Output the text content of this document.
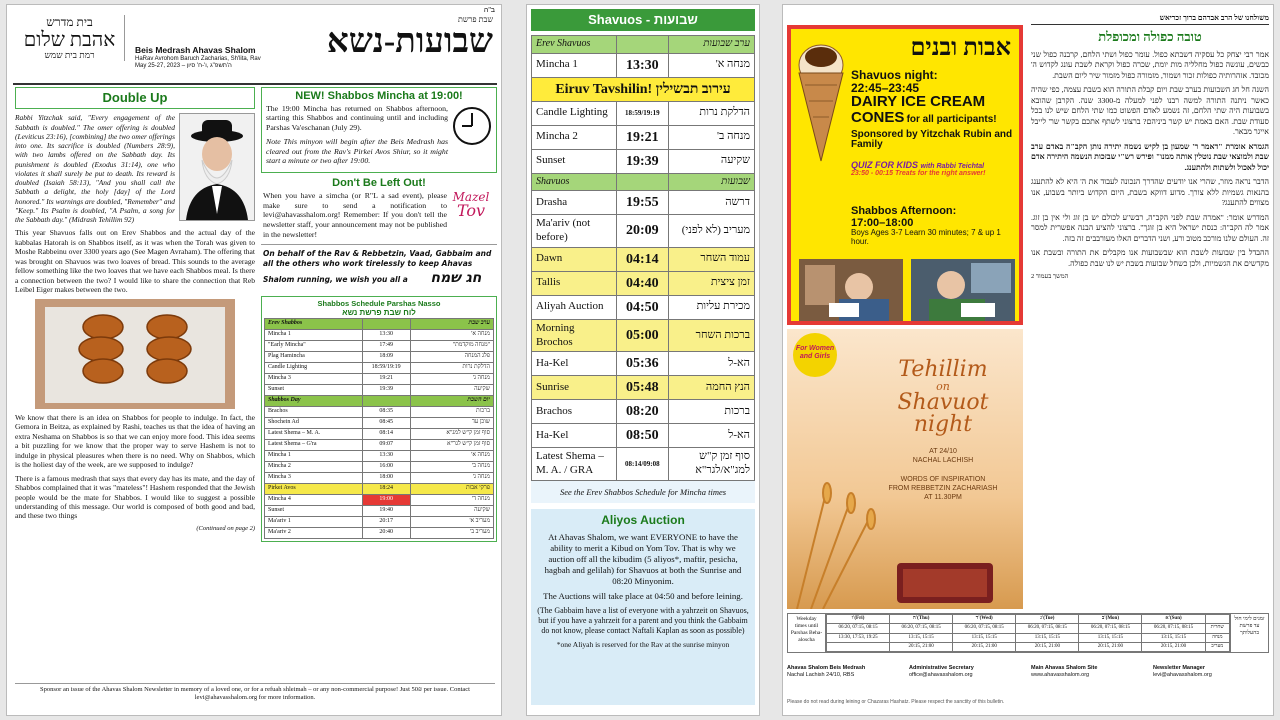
ב"ה
בית מדרש
אהבת שלום
רמת בית שמש	Beis Medrash Ahavas Shalom
HaRav Avrohom Baruch Zacharias, Sh'lita, Rav
May 25-27, 2023 – ה'תשפ"ג ,ו'-ח' סיון
שבת פרשת
שבועות-נשא
Double Up

Rabbi Yitzchak said, "Every engagement of the Sabbath is doubled." The omer offering is doubled (Leviticus 23:16), [combining] the two omer offerings into one. Its sacrifice is doubled (Numbers 28:9), with two lambs offered on the Sabbath day. Its punishment is doubled (Exodus 31:14), one who violates it shall surely be put to death. Its reward is doubled (Isaiah 58:13), "And you shall call the Sabbath a delight, the holy [day] of the Lord honored." Its warnings are doubled, "Remember" and "Keep." Its Psalm is doubled, "A Psalm, a song for the Sabbath day." (Midrash Tehillim 92)

This year Shavuos falls out on Erev Shabbos and the actual day of the kabbalas Hatorah is on Shabbos itself, as it was when the Torah was given to Moshe Rabbeinu over 3300 years ago (See Magen Avraham). The offering that was brought on Shavuos was two loaves of bread. This sounds to the average fellow something like the two loaves that we have each Shabbos meal. Is there a connection between the two? I would like to share the connection that Reb Leibel Eiger makes between the two.

We know that there is an idea on Shabbos for people to indulge. In fact, the Gemora in Beitza, as explained by Rashi, teaches us that the idea of having an extra Neshama on Shabbos is so that we can enjoy more food. This idea seems a bit puzzling for we know that the proper way to serve Hashem is not to indulge in physical pleasures when there is no need. Why on Shabbos, which is the holiest day of the week, are we supposed to indulge?

There is a famous medrash that says that every day has its mate, and the day of Shabbos complained that it was "mateless"! Hashem responded that the Jewish people would be the mate for Shabbos. I would like to suggest a possible understanding of this message. Our world is composed of both good and bad, and these two things

(Continued on page 2)
NEW! Shabbos Mincha at 19:00!

The 19:00 Mincha has returned on Shabbos afternoon, starting this Shabbos and continuing until and including Parshas Va'eschanan (July 29).

Note This minyon will begin after the Beis Medrash has cleared out from the Rav's Pirkei Avos Shiur, so it might start a minute or two after 19:00.

Don't Be Left Out!
Mazel
Tov

When you have a simcha (or R"L a sad event), please make sure to send a notification to levi@ahavasshalom.org! Remember: If you don't tell the newsletter staff, your announcement may not be published in the newsletter!

On behalf of the Rav & Rebbetzin, Vaad, Gabbaim and all the others who work tirelessly to keep Ahavas Shalom running, we wish you all a חג שמח
Shabbos Schedule Parshas Nasso
לוח שבת פרשת נשא
Erev Shabbos		ערב שבת
Mincha 1	13:30	מנחה א'
"Early Mincha"	17:49	"מנחה מוקדמת"
Plag Haminchа	18:09	פלג המנחה
Candle Lighting	18:59/19:19	הדלקת נרות
Mincha 3	19:21	מנחה ג'
Sunset	19:39	שקיעה
Shabbos Day		יום השבת
Brachos	08:35	ברכות
Shochein Ad	08:45	שוכן עד
Latest Shema – M. A.	08:14	סוף זמן ק"ש למג"א
Latest Shema – G'ra	09:07	סוף זמן ק"ש לגר"א
Mincha 1	13:30	מנחה א'
Mincha 2	16:00	מנחה ב'
Mincha 3	18:00	מנחה ג'
Pirkei Avos	18:24	פרקי אבות
Mincha 4	19:00	מנחה ד'
Sunset	19:40	שקיעה
Ma'ariv 1	20:17	מעריב א'
Ma'ariv 2	20:40	מעריב ב'
Sponsor an issue of the Ahavas Shalom Newsletter in memory of a loved one, or for a refuah shleimah – or any non-commercial purpose! Just 50₪ per issue. Contact levi@ahavasshalom.org for more information.
Shavuos - שבועות
Erev Shavuos		ערב שבועות
Mincha 1	13:30	מנחה א'
Eiruv Tavshilin! עירוב תבשילין		
Candle Lighting	18:59/19:19	הדלקת נרות
Mincha 2	19:21	מנחה ב'
Sunset	19:39	שקיעה
Shavuos		שבועות
Drasha	19:55	דרשה
Ma'ariv (not before)	20:09	מעריב (לא לפני)
Dawn	04:14	עמוד השחר
Tallis	04:40	זמן ציצית
Aliyah Auction	04:50	מכירת עליות
Morning Brochos	05:00	ברכות השחר
Ha-Kel	05:36	הא-ל
Sunrise	05:48	הנץ החמה
Brachos	08:20	ברכות
Ha-Kel	08:50	הא-ל
Latest Shema – M. A. / GRA	08:14/09:08	סוף זמן ק"ש למג"א/לגר"א
See the Erev Shabbos Schedule for Mincha times
Aliyos Auction

At Ahavas Shalom, we want EVERYONE to have the ability to merit a Kibud on Yom Tov. That is why we auction off all the kibudim (5 aliyos*, maftir, pesicha, hagbah and gelilah) for Shavuos at both the Sunrise and 08:20 Minyonim.

The Auctions will take place at 04:50 and before leining.

(The Gabbaim have a list of everyone with a yahrzeit on Shavuos, but if you have a yahrzeit for a parent and you think the Gabbaim do not know, please contact Naftali Kaplan as soon as possible)

*one Aliyah is reserved for the Rav at the sunrise minyon

אבות ובנים
Shavuos night:
22:45–23:45
DAIRY ICE CREAM
CONES for all participants!
Sponsored by Yitzchak Rubin and Family
QUIZ FOR KIDS with Rabbi Teichtal
23:50 - 00:15 Treats for the right answer!
Shabbos Afternoon:
17:00–18:00
Boys Ages 3-7 Learn 30 minutes; 7 & up 1 hour.
For Women and Girls
Tehillim
on
Shavuot night
AT 24/10
NACHAL LACHISH
WORDS OF INSPIRATION
FROM REBBETZIN ZACHARIASH
AT 11.30PM
משולחנו של הרב אברהם ברוך זכריאש
טובה כפולה ומכופלת

אמר רבי יצחק כל עסקיה דשבתא כפול. עומר כפול ושתי הלחם, קרבנה כפול שני כבשים, עונשה כפול מחלליה מות יומת, שכרה כפול וקראת לשבת עונג לקדוש ה' מכובד. אזהרותיה כפולות זכור ושמור, מזמורה כפול מזמור שיר ליום השבת.

השנה חל חג השבועות בערב שבת ויום קבלת התורה הוא בשבת עצמה, כפי שהיה כאשר ניתנה התורה למשה רבנו לפני למעלה מ-3300 שנה. הקרבן שהובא בשבועות היה שתי הלחם, זה נשמע לאדם הפשוט כמו שתי הלחם שיש לנו בכל סעודת שבת. האם באמת יש קשר ביניהם? ברצוני לשתף אתכם בקשר שר' לייבל אייגר מבאר.

הגמרא אומרת "דאמר ר' שמעון בן לקיש נשמה יתירה נותן הקב"ה באדם ערב שבת ולמוצאי שבת נוטלין אותה ממנו" ופירש רש"י שבזכות הנשמה היתירה אדם יכול לאכול ולשתות ולהתענג.

הדבר נראה מוזר, שהרי אנו יודעים שהדרך הנכונה לעבוד את ה' היא לא להתענג בהנאות גשמיות ללא צורך. מדוע דווקא בשבת, היום הקדוש ביותר בשבוע, אנו מצווים להתענג?

המדרש אומר: "אמרה שבת לפני הקב"ה, רבש"ע לכולם יש בן זוג ולי אין בן זוג. אמר לה הקב"ה: כנסת ישראל היא בן זוגך". ברצוני להציע הבנה אפשרית למסר זה. העולם שלנו מורכב מטוב ורע, ושני הדברים האלו מעורבבים זה בזה.

ההבדל בין שבועות לשבת הוא שבשבועות אנו מקבלים את התורה ובשבת אנו מקדשים את הגשמיות, ולכן כשחל שבועות בשבת יש לנו שבת כפולה.

המשך בעמוד 2
Weekday times until Parshas Beha-aloscha
ו'(Fri)	ה'(Thu)	ד'(Wed)	ג'(Tue)	ב'(Mon)	א'(Sun)	
06:20, 07:15, 08:15	06:20, 07:15, 08:15	06:20, 07:15, 08:15	06:20, 07:15, 08:15	06:20, 07:15, 08:15	06:20, 07:15, 08:15	שחרית
13:30, 17:53, 19:25	13:15, 15:15	13:15, 15:15	13:15, 15:15	13:15, 15:15	13:15, 15:15	מנחה
	20:15, 21:00	20:15, 21:00	20:15, 21:00	20:15, 21:00	20:15, 21:00	מעריב
זמנים לימי חול עד פרשת בהעלותך
Ahavas Shalom Beis Medrash
Nachal Lachish 24/10, RBS
Administrative Secretary
office@ahavasshalom.org
Main Ahavas Shalom Site
www.ahavasshalom.org
Newsletter Manager
levi@ahavasshalom.org
Please do not read during leining or Chazaras Hashatz. Please respect the sanctity of this bulletin.
